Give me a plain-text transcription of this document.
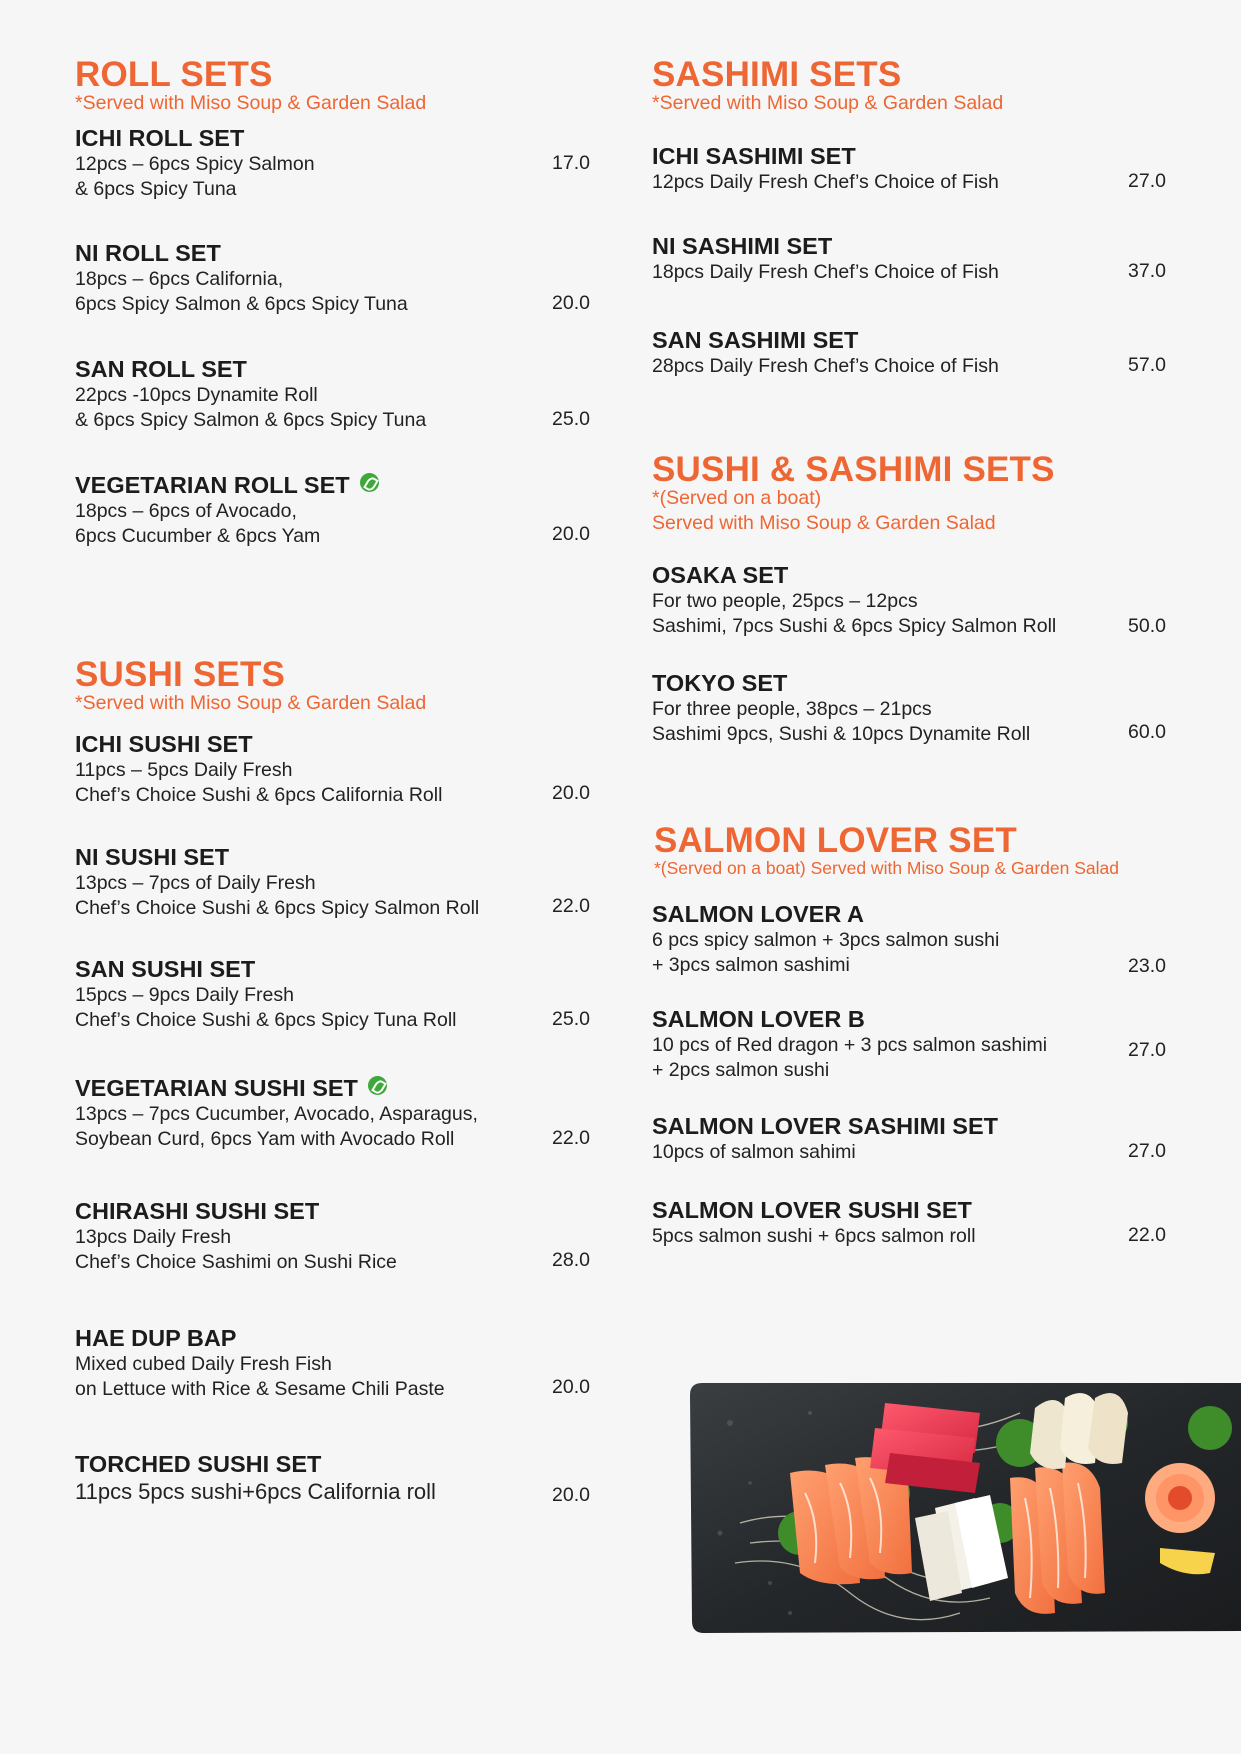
ROLL SETS
*Served with Miso Soup & Garden Salad
ICHI ROLL SET
12pcs – 6pcs Spicy Salmon
& 6pcs Spicy Tuna
17.0
NI ROLL SET
18pcs – 6pcs California,
6pcs Spicy Salmon & 6pcs Spicy Tuna	20.0
SAN ROLL SET
22pcs -10pcs Dynamite Roll
& 6pcs Spicy Salmon & 6pcs Spicy Tuna	25.0
VEGETARIAN ROLL SET
18pcs – 6pcs of Avocado,
6pcs Cucumber & 6pcs Yam	20.0
SUSHI SETS
*Served with Miso Soup & Garden Salad
ICHI SUSHI SET
11pcs – 5pcs Daily Fresh
Chef’s Choice Sushi & 6pcs California Roll	20.0
NI SUSHI SET
13pcs – 7pcs of Daily Fresh
Chef’s Choice Sushi & 6pcs Spicy Salmon Roll	22.0
SAN SUSHI SET
15pcs – 9pcs Daily Fresh
Chef’s Choice Sushi & 6pcs Spicy Tuna Roll	25.0
VEGETARIAN SUSHI SET
13pcs – 7pcs Cucumber, Avocado, Asparagus,
Soybean Curd, 6pcs Yam with Avocado Roll	22.0
CHIRASHI SUSHI SET
13pcs Daily Fresh
Chef’s Choice Sashimi on Sushi Rice	28.0
HAE DUP BAP
Mixed cubed Daily Fresh Fish
on Lettuce with Rice & Sesame Chili Paste	20.0
TORCHED SUSHI SET
11pcs 5pcs sushi+6pcs California roll	20.0
SASHIMI SETS
*Served with Miso Soup & Garden Salad
ICHI SASHIMI SET
12pcs Daily Fresh Chef’s Choice of Fish	27.0
NI SASHIMI SET
18pcs Daily Fresh Chef’s Choice of Fish	37.0
SAN SASHIMI SET
28pcs Daily Fresh Chef’s Choice of Fish	57.0
SUSHI & SASHIMI SETS
*(Served on a boat)
Served with Miso Soup & Garden Salad
OSAKA SET
For two people, 25pcs – 12pcs
Sashimi, 7pcs Sushi & 6pcs Spicy Salmon Roll	50.0
TOKYO SET
For three people, 38pcs – 21pcs
Sashimi 9pcs, Sushi & 10pcs Dynamite Roll	60.0
SALMON LOVER SET
*(Served on a boat) Served with Miso Soup & Garden Salad
SALMON LOVER A
6 pcs spicy salmon + 3pcs salmon sushi
+ 3pcs salmon sashimi	23.0
SALMON LOVER B
10 pcs of Red dragon + 3 pcs salmon sashimi
+ 2pcs salmon sushi
27.0
SALMON LOVER SASHIMI SET
10pcs of salmon sahimi	27.0
SALMON LOVER SUSHI SET
5pcs salmon sushi + 6pcs salmon roll	22.0
